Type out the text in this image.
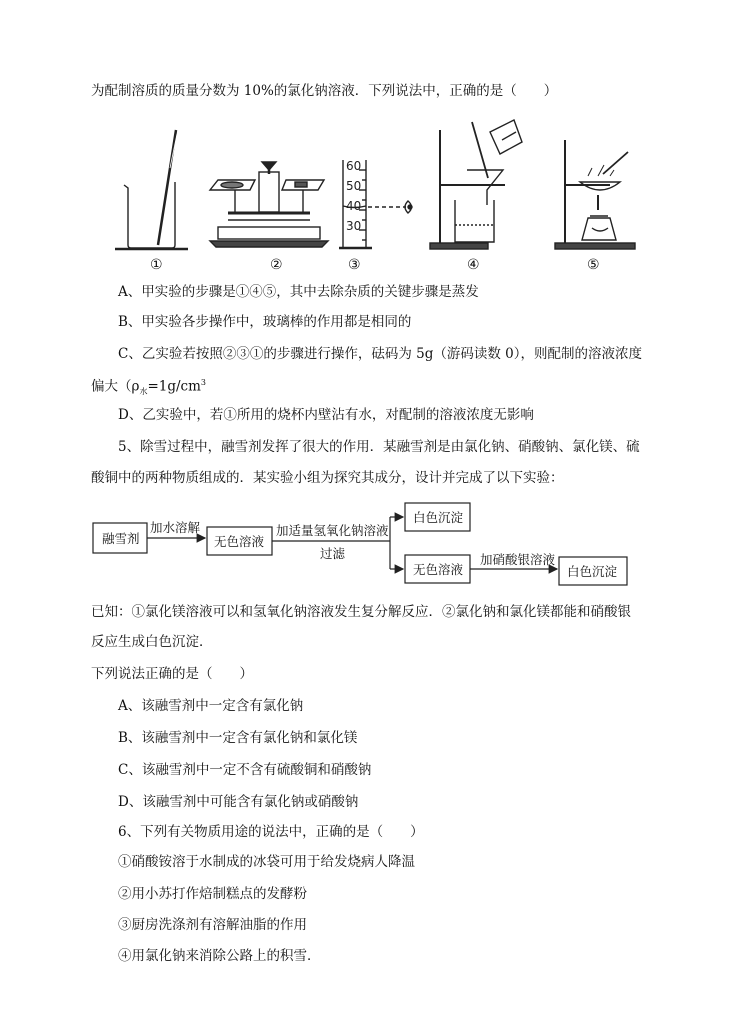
为配制溶质的质量分数为 10%的氯化钠溶液．下列说法中，正确的是（　　）
60
50
40
30
①	②	③	④	⑤
A、甲实验的步骤是①④⑤，其中去除杂质的关键步骤是蒸发
B、甲实验各步操作中，玻璃棒的作用都是相同的
C、乙实验若按照②③①的步骤进行操作，砝码为 5g（游码读数 0），则配制的溶液浓度
偏大（$\rho_水=1g/cm^3$
D、乙实验中，若①所用的烧杯内壁沾有水，对配制的溶液浓度无影响
5、除雪过程中，融雪剂发挥了很大的作用．某融雪剂是由氯化钠、硝酸钠、氯化镁、硫
酸铜中的两种物质组成的．某实验小组为探究其成分，设计并完成了以下实验：
融雪剂	无色溶液
白色沉淀
无色溶液	白色沉淀
加水溶解	加适量氢氧化钠溶液
过滤	加硝酸银溶液
已知：①氯化镁溶液可以和氢氧化钠溶液发生复分解反应．②氯化钠和氯化镁都能和硝酸银
反应生成白色沉淀．
下列说法正确的是（　　）
A、该融雪剂中一定含有氯化钠
B、该融雪剂中一定含有氯化钠和氯化镁
C、该融雪剂中一定不含有硫酸铜和硝酸钠
D、该融雪剂中可能含有氯化钠或硝酸钠
6、下列有关物质用途的说法中，正确的是（　　）
①硝酸铵溶于水制成的冰袋可用于给发烧病人降温
②用小苏打作焙制糕点的发酵粉
③厨房洗涤剂有溶解油脂的作用
④用氯化钠来消除公路上的积雪．
